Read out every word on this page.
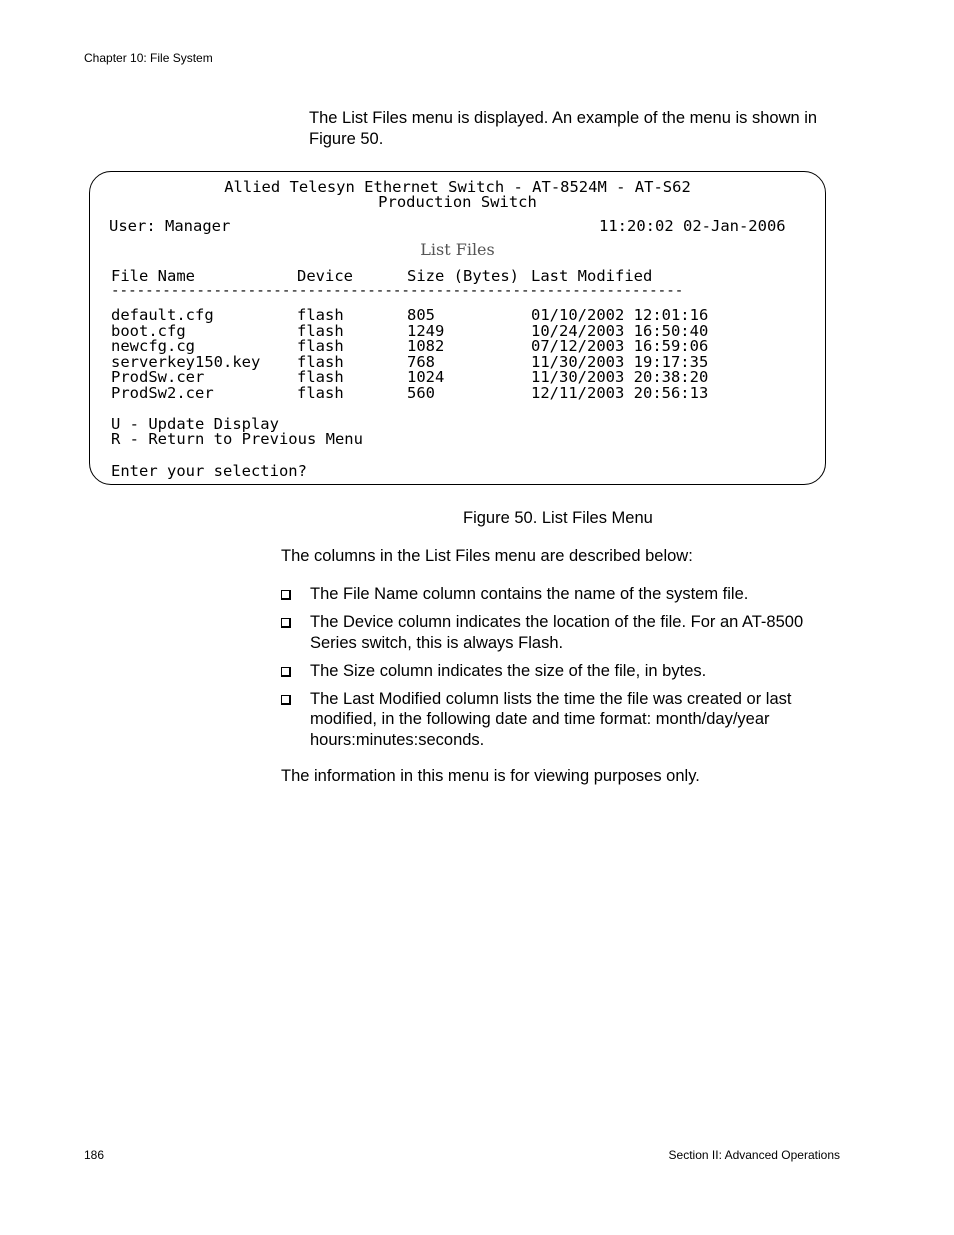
Chapter 10: File System
The List Files menu is displayed. An example of the menu is shown in Figure 50.
Allied Telesyn Ethernet Switch - AT-8524M - AT-S62
Production Switch
User: Manager	11:20:02 02-Jan-2006
List Files
File Name	Device	Size (Bytes) Last Modified
-------------------------------------------------------------------
default.cfg	flash	805	01/10/2002 12:01:16
boot.cfg	flash	1249	10/24/2003 16:50:40
newcfg.cg	flash	1082	07/12/2003 16:59:06
serverkey150.key flash	768	11/30/2003 19:17:35
ProdSw.cer	flash	1024	11/30/2003 20:38:20
ProdSw2.cer	flash	560	12/11/2003 20:56:13
U - Update Display
R - Return to Previous Menu
Enter your selection?
Figure 50. List Files Menu
The columns in the List Files menu are described below:
The File Name column contains the name of the system file.
The Device column indicates the location of the file. For an AT-8500 Series switch, this is always Flash.
The Size column indicates the size of the file, in bytes.
The Last Modified column lists the time the file was created or last modified, in the following date and time format: month/day/year hours:minutes:seconds.
The information in this menu is for viewing purposes only.
186	Section II: Advanced Operations
